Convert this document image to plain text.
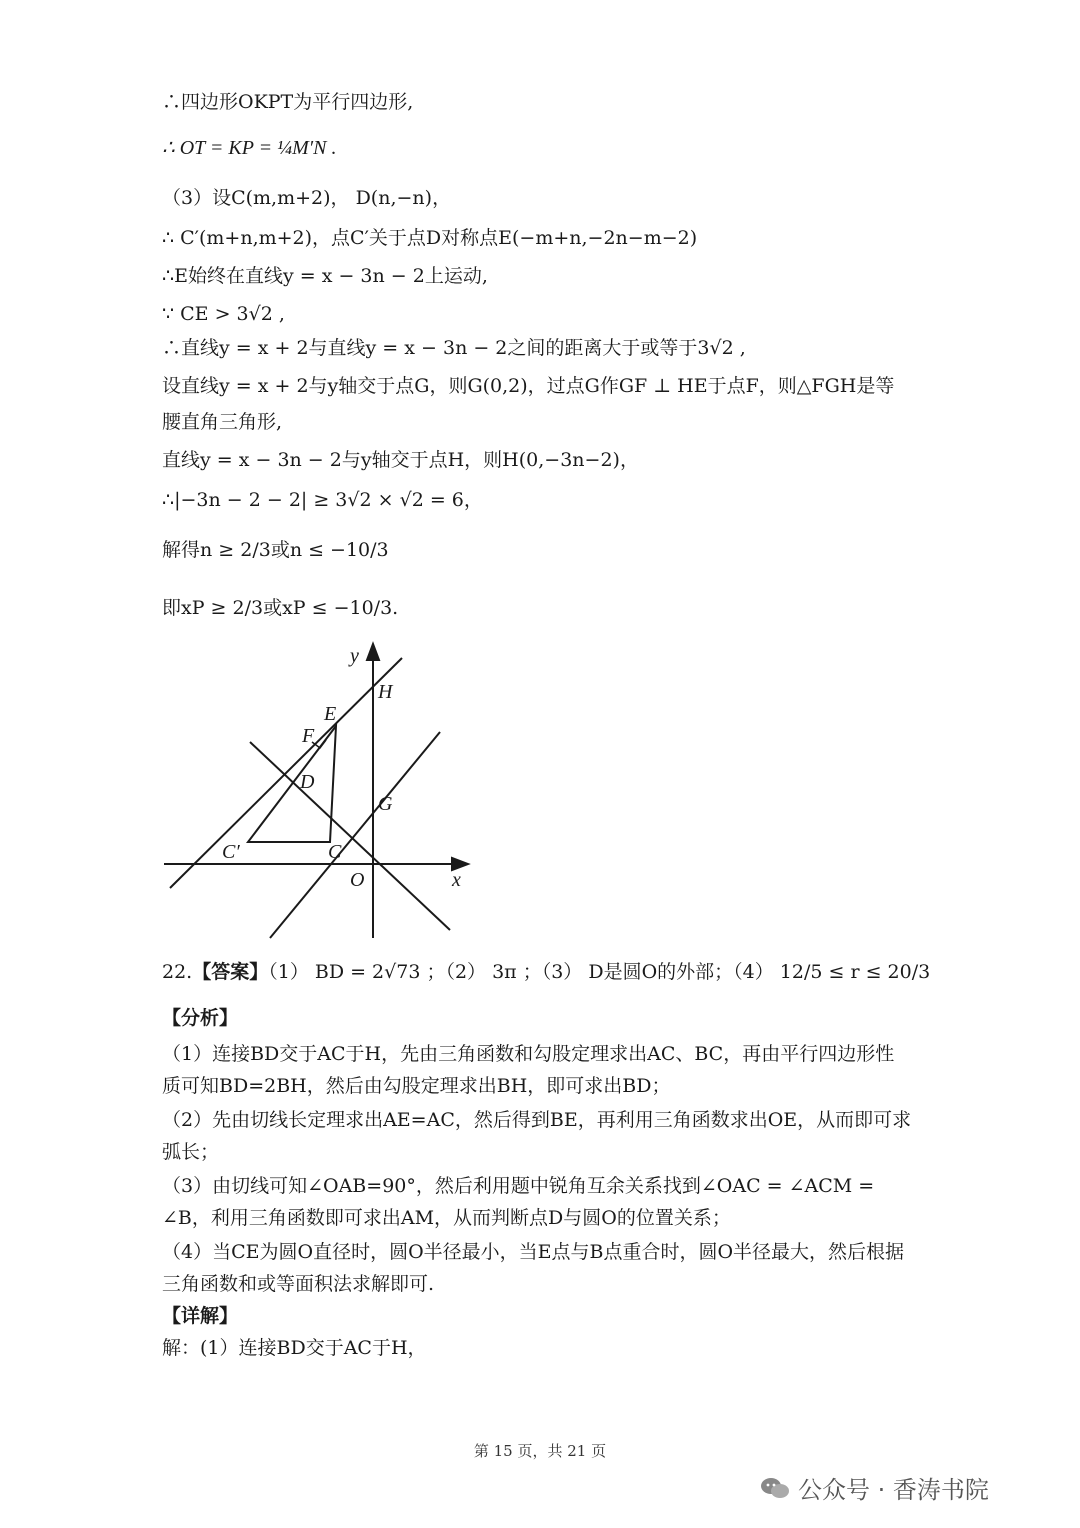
∴四边形OKPT为平行四边形,
∴ OT = KP = ¼M′N .
（3）设C(m,m+2)， D(n,−n)，
∴ C′(m+n,m+2)，点C′关于点D对称点E(−m+n,−2n−m−2)
∴E始终在直线y = x − 3n − 2上运动,
∵ CE > 3√2 ,
∴直线y = x + 2与直线y = x − 3n − 2之间的距离大于或等于3√2 ,
设直线y = x + 2与y轴交于点G，则G(0,2)，过点G作GF ⊥ HE于点F，则△FGH是等
腰直角三角形,
直线y = x − 3n − 2与y轴交于点H，则H(0,−3n−2)，
∴|−3n − 2 − 2| ≥ 3√2 × √2 = 6，
解得n ≥ 2/3或n ≤ −10/3
即xP ≥ 2/3或xP ≤ −10/3.
y
x
H
E
F
D
G
C′	C
O
22.【答案】（1） BD = 2√73 ；（2） 3π ；（3） D是圆O的外部；（4） 12/5 ≤ r ≤ 20/3
【分析】
（1）连接BD交于AC于H，先由三角函数和勾股定理求出AC、BC，再由平行四边形性质可知BD=2BH，然后由勾股定理求出BH，即可求出BD；
（2）先由切线长定理求出AE=AC，然后得到BE，再利用三角函数求出OE，从而即可求弧长；
（3）由切线可知∠OAB=90°，然后利用题中锐角互余关系找到∠OAC = ∠ACM = ∠B，利用三角函数即可求出AM，从而判断点D与圆O的位置关系；
（4）当CE为圆O直径时，圆O半径最小，当E点与B点重合时，圆O半径最大，然后根据三角函数和或等面积法求解即可.
【详解】
解：(1）连接BD交于AC于H，
第 15 页，共 21 页
公众号 · 香涛书院
